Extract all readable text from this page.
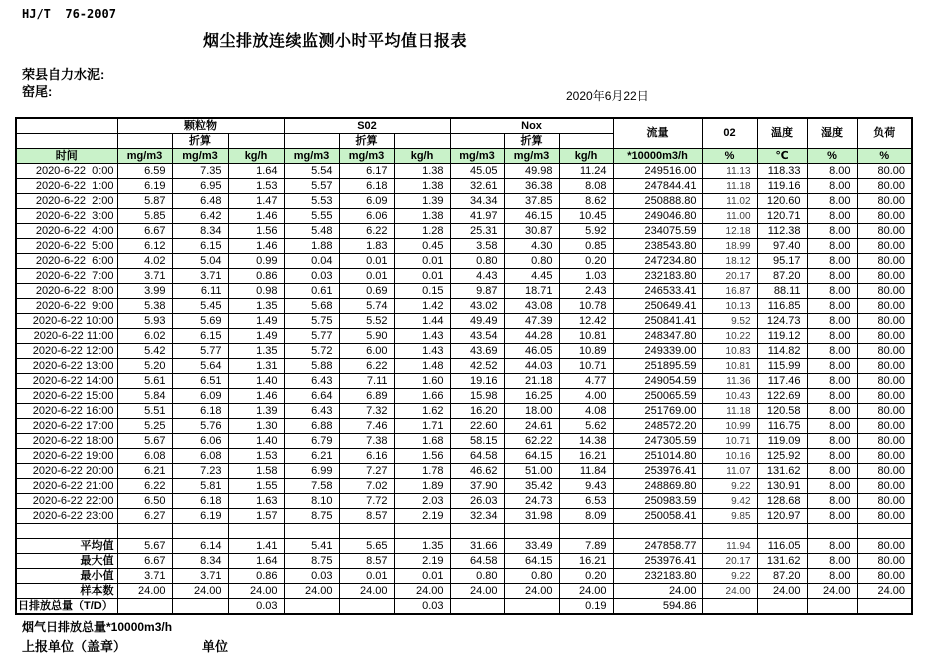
HJ/T  76-2007
烟尘排放连续监测小时平均值日报表
荣县自力水泥:
窑尾:	2020年6月22日
	颗粒物			S02			Nox			流量	02	温度	湿度	负荷
		折算			折算			折算						
时间	mg/m3	mg/m3	kg/h	mg/m3	mg/m3	kg/h	mg/m3	mg/m3	kg/h	*10000m3/h	%	℃	%	%
2020-6-22  0:00	6.59	7.35	1.64	5.54	6.17	1.38	45.05	49.98	11.24	249516.00	11.13	118.33	8.00	80.00
2020-6-22  1:00	6.19	6.95	1.53	5.57	6.18	1.38	32.61	36.38	8.08	247844.41	11.18	119.16	8.00	80.00
2020-6-22  2:00	5.87	6.48	1.47	5.53	6.09	1.39	34.34	37.85	8.62	250888.80	11.02	120.60	8.00	80.00
2020-6-22  3:00	5.85	6.42	1.46	5.55	6.06	1.38	41.97	46.15	10.45	249046.80	11.00	120.71	8.00	80.00
2020-6-22  4:00	6.67	8.34	1.56	5.48	6.22	1.28	25.31	30.87	5.92	234075.59	12.18	112.38	8.00	80.00
2020-6-22  5:00	6.12	6.15	1.46	1.88	1.83	0.45	3.58	4.30	0.85	238543.80	18.99	97.40	8.00	80.00
2020-6-22  6:00	4.02	5.04	0.99	0.04	0.01	0.01	0.80	0.80	0.20	247234.80	18.12	95.17	8.00	80.00
2020-6-22  7:00	3.71	3.71	0.86	0.03	0.01	0.01	4.43	4.45	1.03	232183.80	20.17	87.20	8.00	80.00
2020-6-22  8:00	3.99	6.11	0.98	0.61	0.69	0.15	9.87	18.71	2.43	246533.41	16.87	88.11	8.00	80.00
2020-6-22  9:00	5.38	5.45	1.35	5.68	5.74	1.42	43.02	43.08	10.78	250649.41	10.13	116.85	8.00	80.00
2020-6-22 10:00	5.93	5.69	1.49	5.75	5.52	1.44	49.49	47.39	12.42	250841.41	9.52	124.73	8.00	80.00
2020-6-22 11:00	6.02	6.15	1.49	5.77	5.90	1.43	43.54	44.28	10.81	248347.80	10.22	119.12	8.00	80.00
2020-6-22 12:00	5.42	5.77	1.35	5.72	6.00	1.43	43.69	46.05	10.89	249339.00	10.83	114.82	8.00	80.00
2020-6-22 13:00	5.20	5.64	1.31	5.88	6.22	1.48	42.52	44.03	10.71	251895.59	10.81	115.99	8.00	80.00
2020-6-22 14:00	5.61	6.51	1.40	6.43	7.11	1.60	19.16	21.18	4.77	249054.59	11.36	117.46	8.00	80.00
2020-6-22 15:00	5.84	6.09	1.46	6.64	6.89	1.66	15.98	16.25	4.00	250065.59	10.43	122.69	8.00	80.00
2020-6-22 16:00	5.51	6.18	1.39	6.43	7.32	1.62	16.20	18.00	4.08	251769.00	11.18	120.58	8.00	80.00
2020-6-22 17:00	5.25	5.76	1.30	6.88	7.46	1.71	22.60	24.61	5.62	248572.20	10.99	116.75	8.00	80.00
2020-6-22 18:00	5.67	6.06	1.40	6.79	7.38	1.68	58.15	62.22	14.38	247305.59	10.71	119.09	8.00	80.00
2020-6-22 19:00	6.08	6.08	1.53	6.21	6.16	1.56	64.58	64.15	16.21	251014.80	10.16	125.92	8.00	80.00
2020-6-22 20:00	6.21	7.23	1.58	6.99	7.27	1.78	46.62	51.00	11.84	253976.41	11.07	131.62	8.00	80.00
2020-6-22 21:00	6.22	5.81	1.55	7.58	7.02	1.89	37.90	35.42	9.43	248869.80	9.22	130.91	8.00	80.00
2020-6-22 22:00	6.50	6.18	1.63	8.10	7.72	2.03	26.03	24.73	6.53	250983.59	9.42	128.68	8.00	80.00
2020-6-22 23:00	6.27	6.19	1.57	8.75	8.57	2.19	32.34	31.98	8.09	250058.41	9.85	120.97	8.00	80.00

平均值	5.67	6.14	1.41	5.41	5.65	1.35	31.66	33.49	7.89	247858.77	11.94	116.05	8.00	80.00
最大值	6.67	8.34	1.64	8.75	8.57	2.19	64.58	64.15	16.21	253976.41	20.17	131.62	8.00	80.00
最小值	3.71	3.71	0.86	0.03	0.01	0.01	0.80	0.80	0.20	232183.80	9.22	87.20	8.00	80.00
样本数	24.00	24.00	24.00	24.00	24.00	24.00	24.00	24.00	24.00	24.00	24.00	24.00	24.00	24.00
日排放总量（T/D）			0.03			0.03			0.19	594.86				
烟气日排放总量*10000m3/h
上报单位（盖章）	单位
